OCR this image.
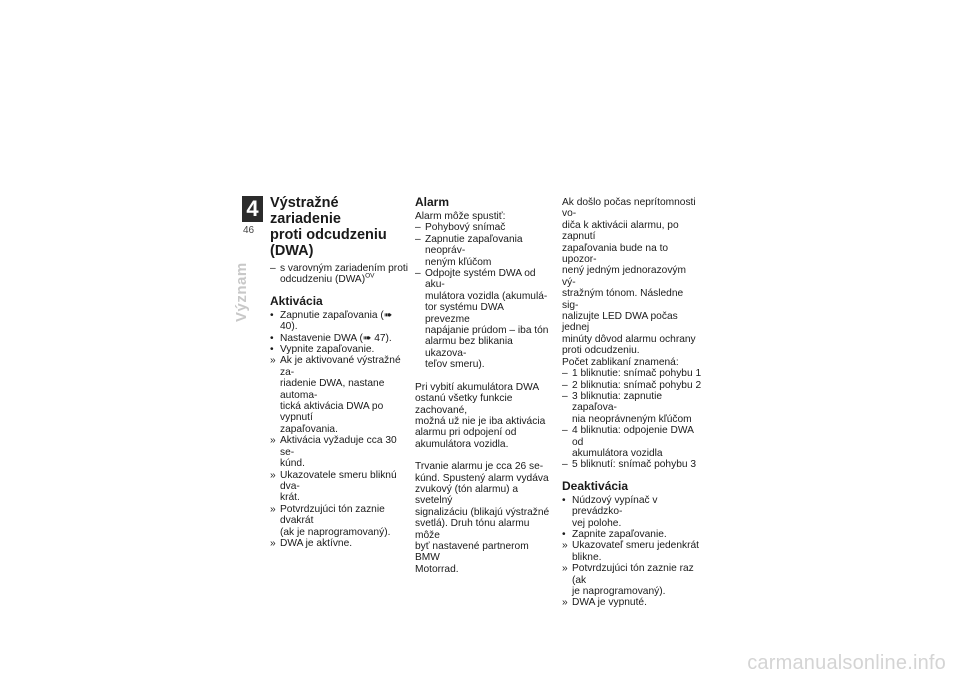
4
46
Význam
Výstražné zariadenie
proti odcudzeniu (DWA)
– s varovným zariadením proti
odcudzeniu (DWA)$^{OV}$
Aktivácia
• Zapnutie zapaľovania (➠ 40).
• Nastavenie DWA (➠ 47).
• Vypnite zapaľovanie.
» Ak je aktivované výstražné za-
riadenie DWA, nastane automa-
tická aktivácia DWA po vypnutí
zapaľovania.
» Aktivácia vyžaduje cca 30 se-
kúnd.
» Ukazovatele smeru bliknú dva-
krát.
» Potvrdzujúci tón zaznie dvakrát
(ak je naprogramovaný).
» DWA je aktívne.
Alarm
Alarm môže spustiť:
– Pohybový snímač
– Zapnutie zapaľovania neopráv-
neným kľúčom
– Odpojte systém DWA od aku-
mulátora vozidla (akumulá-
tor systému DWA prevezme
napájanie prúdom – iba tón
alarmu bez blikania ukazova-
teľov smeru).
Pri vybití akumulátora DWA
ostanú všetky funkcie zachované,
možná už nie je iba aktivácia
alarmu pri odpojení od
akumulátora vozidla.
Trvanie alarmu je cca 26 se-
kúnd. Spustený alarm vydáva
zvukový (tón alarmu) a svetelný
signalizáciu (blikajú výstražné
svetlá). Druh tónu alarmu môže
byť nastavené partnerom BMW
Motorrad.
Ak došlo počas neprítomnosti vo-
diča k aktivácii alarmu, po zapnutí
zapaľovania bude na to upozor-
nený jedným jednorazovým vý-
stražným tónom. Následne sig-
nalizujte LED DWA počas jednej
minúty dôvod alarmu ochrany
proti odcudzeniu.
Počet zablikaní znamená:
– 1 bliknutie: snímač pohybu 1
– 2 bliknutia: snímač pohybu 2
– 3 bliknutia: zapnutie zapaľova-
nia neoprávneným kľúčom
– 4 bliknutia: odpojenie DWA od
akumulátora vozidla
– 5 bliknutí: snímač pohybu 3
Deaktivácia
• Núdzový vypínač v prevádzko-
vej polohe.
• Zapnite zapaľovanie.
» Ukazovateľ smeru jedenkrát
blikne.
» Potvrdzujúci tón zaznie raz (ak
je naprogramovaný).
» DWA je vypnuté.
carmanualsonline.info
